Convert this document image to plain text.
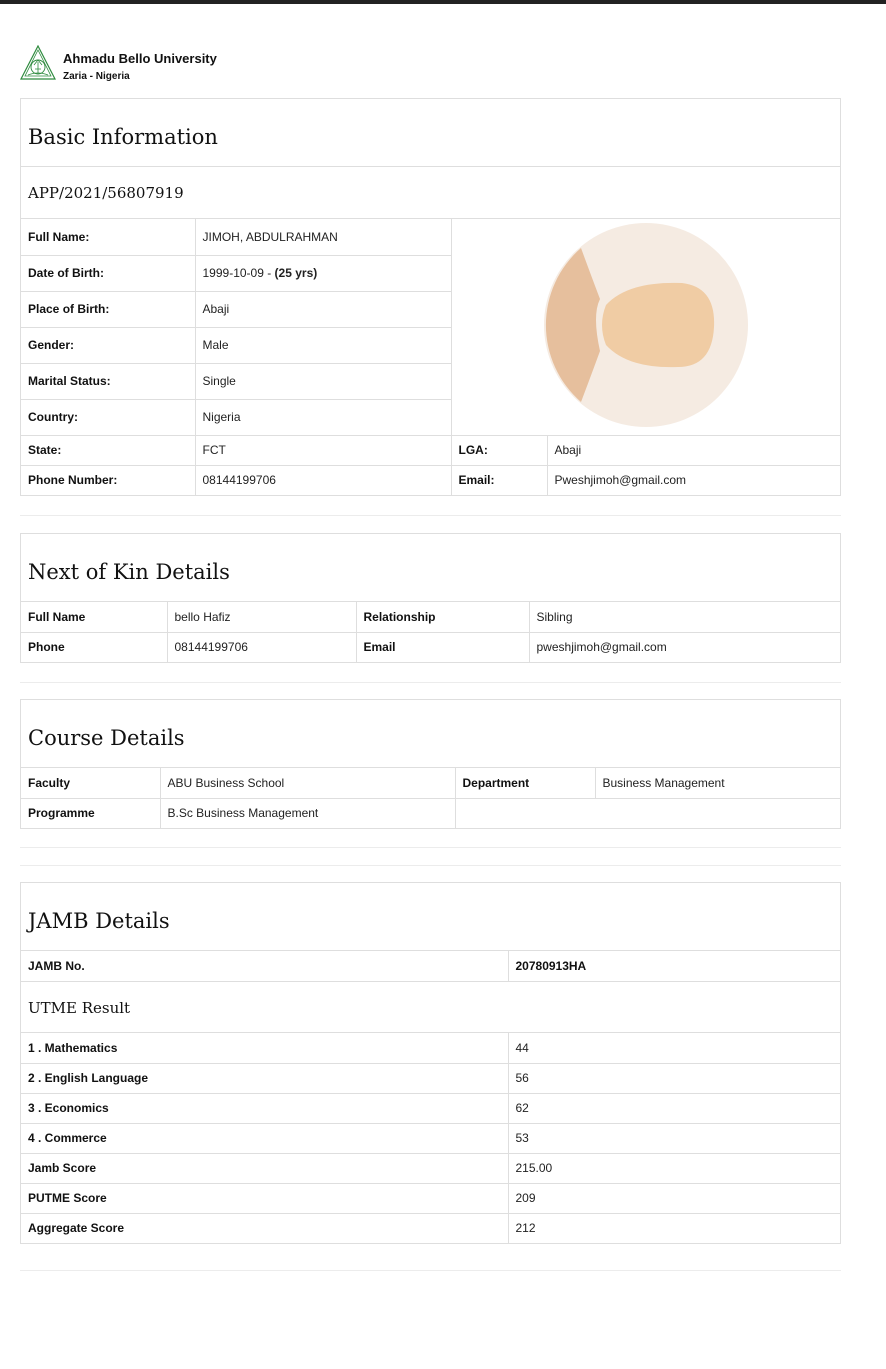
Ahmadu Bello University
Zaria - Nigeria
Basic Information
APP/2021/56807919
Full Name:	JIMOH, ABDULRAHMAN	
Date of Birth:	1999-10-09 - (25 yrs)		
Place of Birth:	Abaji		
Gender:	Male		
Marital Status:	Single		
Country:	Nigeria		
State:	FCT	LGA:	Abaji
Phone Number:	08144199706	Email:	Pweshjimoh@gmail.com
Next of Kin Details
Full Name	bello Hafiz	Relationship	Sibling
Phone	08144199706	Email	pweshjimoh@gmail.com
Course Details
Faculty	ABU Business School	Department	Business Management
Programme	B.Sc Business Management		
JAMB Details
JAMB No.	20780913HA
UTME Result
1 . Mathematics	44
2 . English Language	56
3 . Economics	62
4 . Commerce	53
Jamb Score	215.00
PUTME Score	209
Aggregate Score	212
